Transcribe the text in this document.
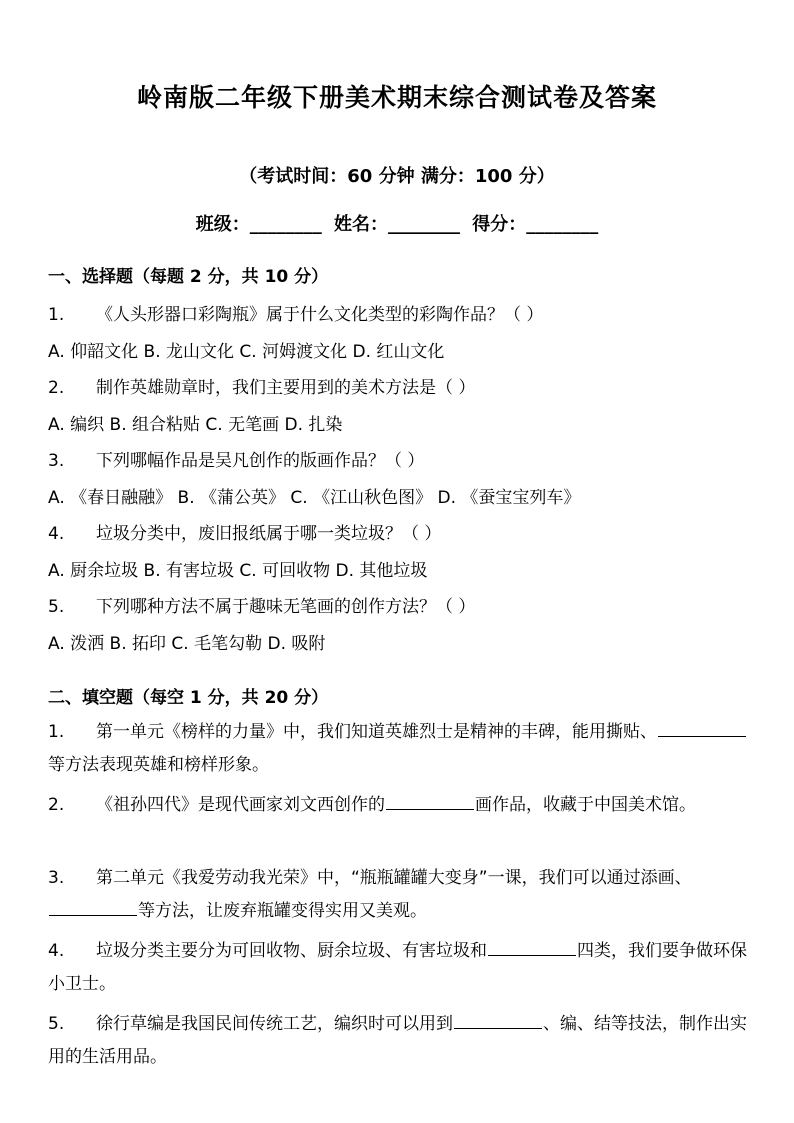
岭南版二年级下册美术期末综合测试卷及答案
（考试时间：60 分钟 满分：100 分）
班级：________ 姓名：________ 得分：________
一、选择题（每题 2 分，共 10 分）
1. 《人头形器口彩陶瓶》属于什么文化类型的彩陶作品？（ ）
A. 仰韶文化 B. 龙山文化 C. 河姆渡文化 D. 红山文化
2. 制作英雄勋章时，我们主要用到的美术方法是（ ）
A. 编织 B. 组合粘贴 C. 无笔画 D. 扎染
3. 下列哪幅作品是吴凡创作的版画作品？（ ）
A. 《春日融融》 B. 《蒲公英》 C. 《江山秋色图》 D. 《蚕宝宝列车》
4. 垃圾分类中，废旧报纸属于哪一类垃圾？（ ）
A. 厨余垃圾 B. 有害垃圾 C. 可回收物 D. 其他垃圾
5. 下列哪种方法不属于趣味无笔画的创作方法？（ ）
A. 泼洒 B. 拓印 C. 毛笔勾勒 D. 吸附
二、填空题（每空 1 分，共 20 分）
1. 第一单元《榜样的力量》中，我们知道英雄烈士是精神的丰碑，能用撕贴、等方法表现英雄和榜样形象。
2. 《祖孙四代》是现代画家刘文西创作的	画作品，收藏于中国美术馆。
3. 第二单元《我爱劳动我光荣》中，“瓶瓶罐罐大变身”一课，我们可以通过添画、等方法，让废弃瓶罐变得实用又美观。
4. 垃圾分类主要分为可回收物、厨余垃圾、有害垃圾和	四类，我们要争做环保小卫士。
5. 徐行草编是我国民间传统工艺，编织时可以用到	、编、结等技法，制作出实用的生活用品。
